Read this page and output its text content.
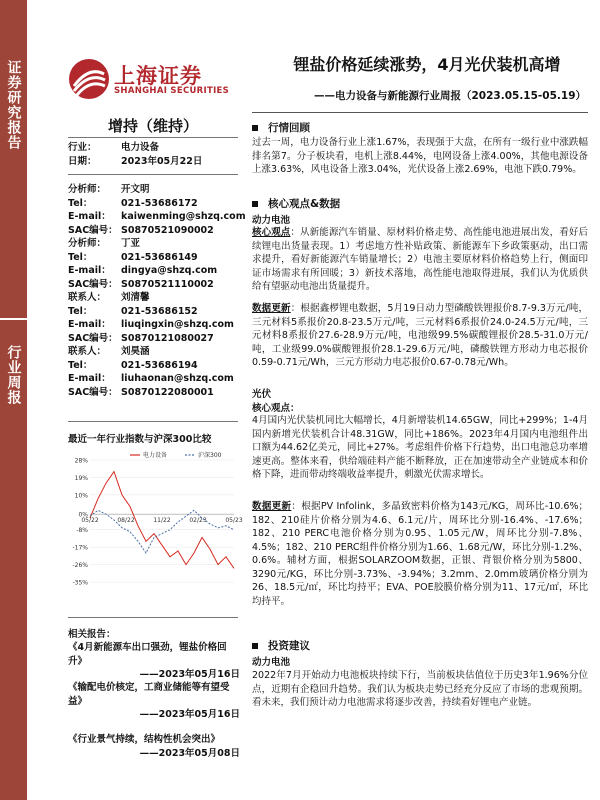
证券研究报告
行业周报
上海证券
SHANGHAI SECURITIES
锂盐价格延续涨势，4月光伏装机高增
——电力设备与新能源行业周报（2023.05.15-05.19）
增持（维持）
行业：	电力设备
日期：	2023年05月22日
分析师： 开文明
Tel：	021-53686172
E-mail： kaiwenming@shzq.com
SAC编号： S0870521090002
分析师： 丁亚
Tel：	021-53686149
E-mail： dingya@shzq.com
SAC编号： S0870521110002
联系人： 刘清馨
Tel：	021-53686152
E-mail： liuqingxin@shzq.com
SAC编号： S0870121080027
联系人： 刘昊涵
Tel：	021-53686194
E-mail： liuhaonan@shzq.com
SAC编号： S0870122080001
最近一年行业指数与沪深300比较
28%
19%
10%
0%
-8%
-17%
-26%
-35%
05/22	08/22	11/22	02/23	05/23
电力设备	沪深300
相关报告：
《4月新能源车出口强劲，锂盐价格回升》
——2023年05月16日
《输配电价核定，工商业储能等有望受益》
——2023年05月16日
《行业景气持续，结构性机会突出》
——2023年05月08日
行情回顾
过去一周，电力设备行业上涨1.67%，表现强于大盘，在所有一级行业中涨跌幅排名第7。分子板块看，电机上涨8.44%，电网设备上涨4.00%，其他电源设备上涨3.63%，风电设备上涨3.04%，光伏设备上涨2.69%，电池下跌0.79%。
核心观点&数据
动力电池
核心观点：从新能源汽车销量、原材料价格走势、高性能电池进展出发，看好后续锂电出货量表现。1）考虑地方性补贴政策、新能源车下乡政策驱动，出口需求提升，看好新能源汽车销量增长；2）电池主要原材料价格趋势上行，侧面印证市场需求有所回暖；3）新技术落地，高性能电池取得进展，我们认为优质供给有望驱动电池出货量提升。
数据更新：根据鑫椤锂电数据，5月19日动力型磷酸铁锂报价8.7-9.3万元/吨，三元材料5系报价20.8-23.5万元/吨，三元材料6系报价24.0-24.5万元/吨，三元材料8系报价27.6-28.9万元/吨，电池级99.5%碳酸锂报价28.5-31.0万元/吨，工业级99.0%碳酸锂报价28.1-29.6万元/吨，磷酸铁锂方形动力电芯报价0.59-0.71元/Wh，三元方形动力电芯报价0.67-0.78元/Wh。
光伏
核心观点：
4月国内光伏装机同比大幅增长，4月新增装机14.65GW，同比+299%；1-4月国内新增光伏装机合计48.31GW，同比+186%。2023年4月国内电池组件出口额为44.62亿美元，同比+27%。考虑组件价格下行趋势，出口电池总功率增速更高。整体来看，供给端硅料产能不断释放，正在加速带动全产业链成本和价格下降，进而带动终端收益率提升，刺激光伏需求增长。
数据更新：根据PV Infolink，多晶致密料价格为143元/KG，周环比-10.6%；182、210硅片价格分别为4.6、6.1元/片，周环比分别-16.4%、-17.6%；182、210 PERC电池价格分别为0.95、1.05元/W，周环比分别-7.8%、4.5%；182、210 PERC组件价格分别为1.66、1.68元/W，环比分别-1.2%、0.6%。辅材方面，根据SOLARZOOM数据，正银、背银价格分别为5800、3290元/KG，环比分别-3.73%、-3.94%；3.2mm、2.0mm玻璃价格分别为26、18.5元/㎡，环比均持平；EVA、POE胶膜价格分别为11、17元/㎡，环比均持平。
投资建议
动力电池
2022年7月开始动力电池板块持续下行，当前板块估值位于历史3年1.96%分位点，近期有企稳回升趋势。我们认为板块走势已经充分反应了市场的悲观预期。看未来，我们预计动力电池需求将逐步改善，持续看好锂电产业链。
